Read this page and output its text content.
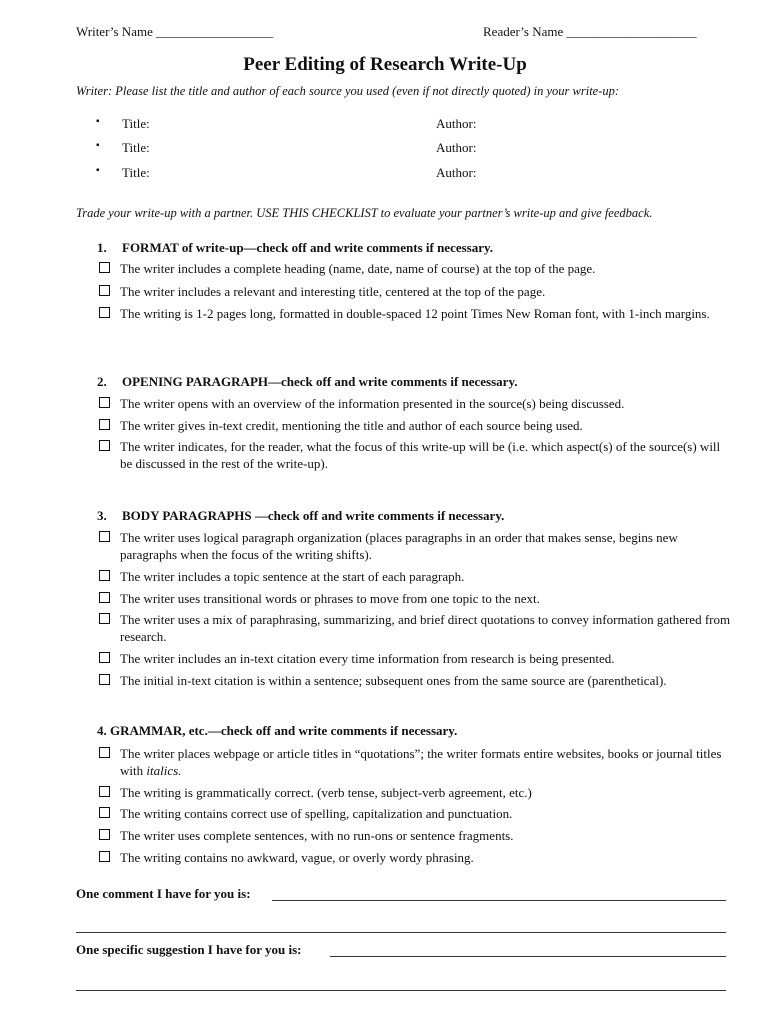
Writer’s Name __________________	Reader’s Name ____________________
Peer Editing of Research Write-Up
Writer: Please list the title and author of each source you used (even if not directly quoted) in your write-up:
▪ Title:	Author:
▪ Title:	Author:
▪ Title:	Author:
Trade your write-up with a partner. USE THIS CHECKLIST to evaluate your partner’s write-up and give feedback.
1. FORMAT of write-up—check off and write comments if necessary.
The writer includes a complete heading (name, date, name of course) at the top of the page.
The writer includes a relevant and interesting title, centered at the top of the page.
The writing is 1-2 pages long, formatted in double-spaced 12 point Times New Roman font, with 1-inch margins.
2. OPENING PARAGRAPH—check off and write comments if necessary.
The writer opens with an overview of the information presented in the source(s) being discussed.
The writer gives in-text credit, mentioning the title and author of each source being used.
The writer indicates, for the reader, what the focus of this write-up will be (i.e. which aspect(s) of the source(s) will be discussed in the rest of the write-up).
3. BODY PARAGRAPHS —check off and write comments if necessary.
The writer uses logical paragraph organization (places paragraphs in an order that makes sense, begins new paragraphs when the focus of the writing shifts).
The writer includes a topic sentence at the start of each paragraph.
The writer uses transitional words or phrases to move from one topic to the next.
The writer uses a mix of paraphrasing, summarizing, and brief direct quotations to convey information gathered from research.
The writer includes an in-text citation every time information from research is being presented.
The initial in-text citation is within a sentence; subsequent ones from the same source are (parenthetical).
4. GRAMMAR, etc.—check off and write comments if necessary.
The writer places webpage or article titles in “quotations”; the writer formats entire websites, books or journal titles with italics.
The writing is grammatically correct. (verb tense, subject-verb agreement, etc.)
The writing contains correct use of spelling, capitalization and punctuation.
The writer uses complete sentences, with no run-ons or sentence fragments.
The writing contains no awkward, vague, or overly wordy phrasing.
One comment I have for you is:
One specific suggestion I have for you is:
